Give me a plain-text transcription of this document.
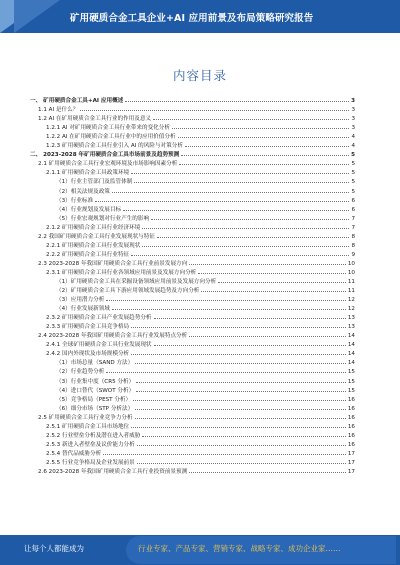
矿用硬质合金工具企业+AI 应用前景及布局策略研究报告
内容目录
一、 矿用硬质合金工具+AI 应用概述	3
1.1 AI 是什么？	3
1.2 AI 在矿用硬质合金工具行业的作用及意义	3
1.2.1 AI 对矿用硬质合金工具行业带来的变化分析	3
1.2.2 AI 在矿用硬质合金工具行业中的应用价值分析	4
1.2.3 矿用硬质合金工具行业引入 AI 的风险与对策分析	4
二、 2023-2028 年矿用硬质合金工具市场前景及趋势预测	5
2.1 矿用硬质合金工具行业宏观环境及市场影响因素分析	5
2.1.1 矿用硬质合金工具政策环境	5
（1）行业主管部门及监管体制	5
（2）相关法规及政策	5
（3）行业标准	6
（4）行业规划及发展目标	6
（5）行业宏观规划对行业产生的影响	7
2.1.2 矿用硬质合金工具行业经济环境	7
2.2 我国矿用硬质合金工具行业发展现状与特征	8
2.2.1 矿用硬质合金工具行业发展现状	8
2.2.2 矿用硬质合金工具行业特征	9
2.3 2023-2028 年我国矿用硬质合金工具行业前景发展方向	10
2.3.1 矿用硬质合金工具行业各领域应用前景及发展方向分析	10
（1）矿用硬质合金工具在采掘设备领域应用前景及发展方向分析	11
（2）矿用硬质合金工具下游应用领域发展趋势及方向分析	11
（3）应用潜力分析	12
（4）行业发展新领域	12
2.3.2 矿用硬质合金工具产业发展趋势分析	13
2.3.3 矿用硬质合金工具竞争格局	13
2.4 2023-2028 年我国矿用硬质合金工具行业发展特点分析	14
2.4.1 全球矿用硬质合金工具行业发展现状	14
2.4.2 国内外现状及市场规模分析	14
（1）市场总量（SAND 方法）	14
（2）行业趋势分析	15
（3）行业集中度（CR5 分析）	15
（4）进口替代（SWOT 分析）	15
（5）竞争格局（PEST 分析）	16
（6）细分市场（STP 分析法）	16
2.5 矿用硬质合金工具行业竞争力分析	16
2.5.1 矿用硬质合金工具市场地位	16
2.5.2 行业壁垒分析及潜在进入者威胁	16
2.5.3 新进入者壁垒及议价能力分析	16
2.5.4 替代品威胁分析	17
2.5.5 行业竞争格局及企业发展前景	17
2.6 2023-2028 年我国矿用硬质合金工具行业投资前景预测	17
让每个人都能成为	行业专家、产品专家、营销专家、战略专家、成功企业家……
